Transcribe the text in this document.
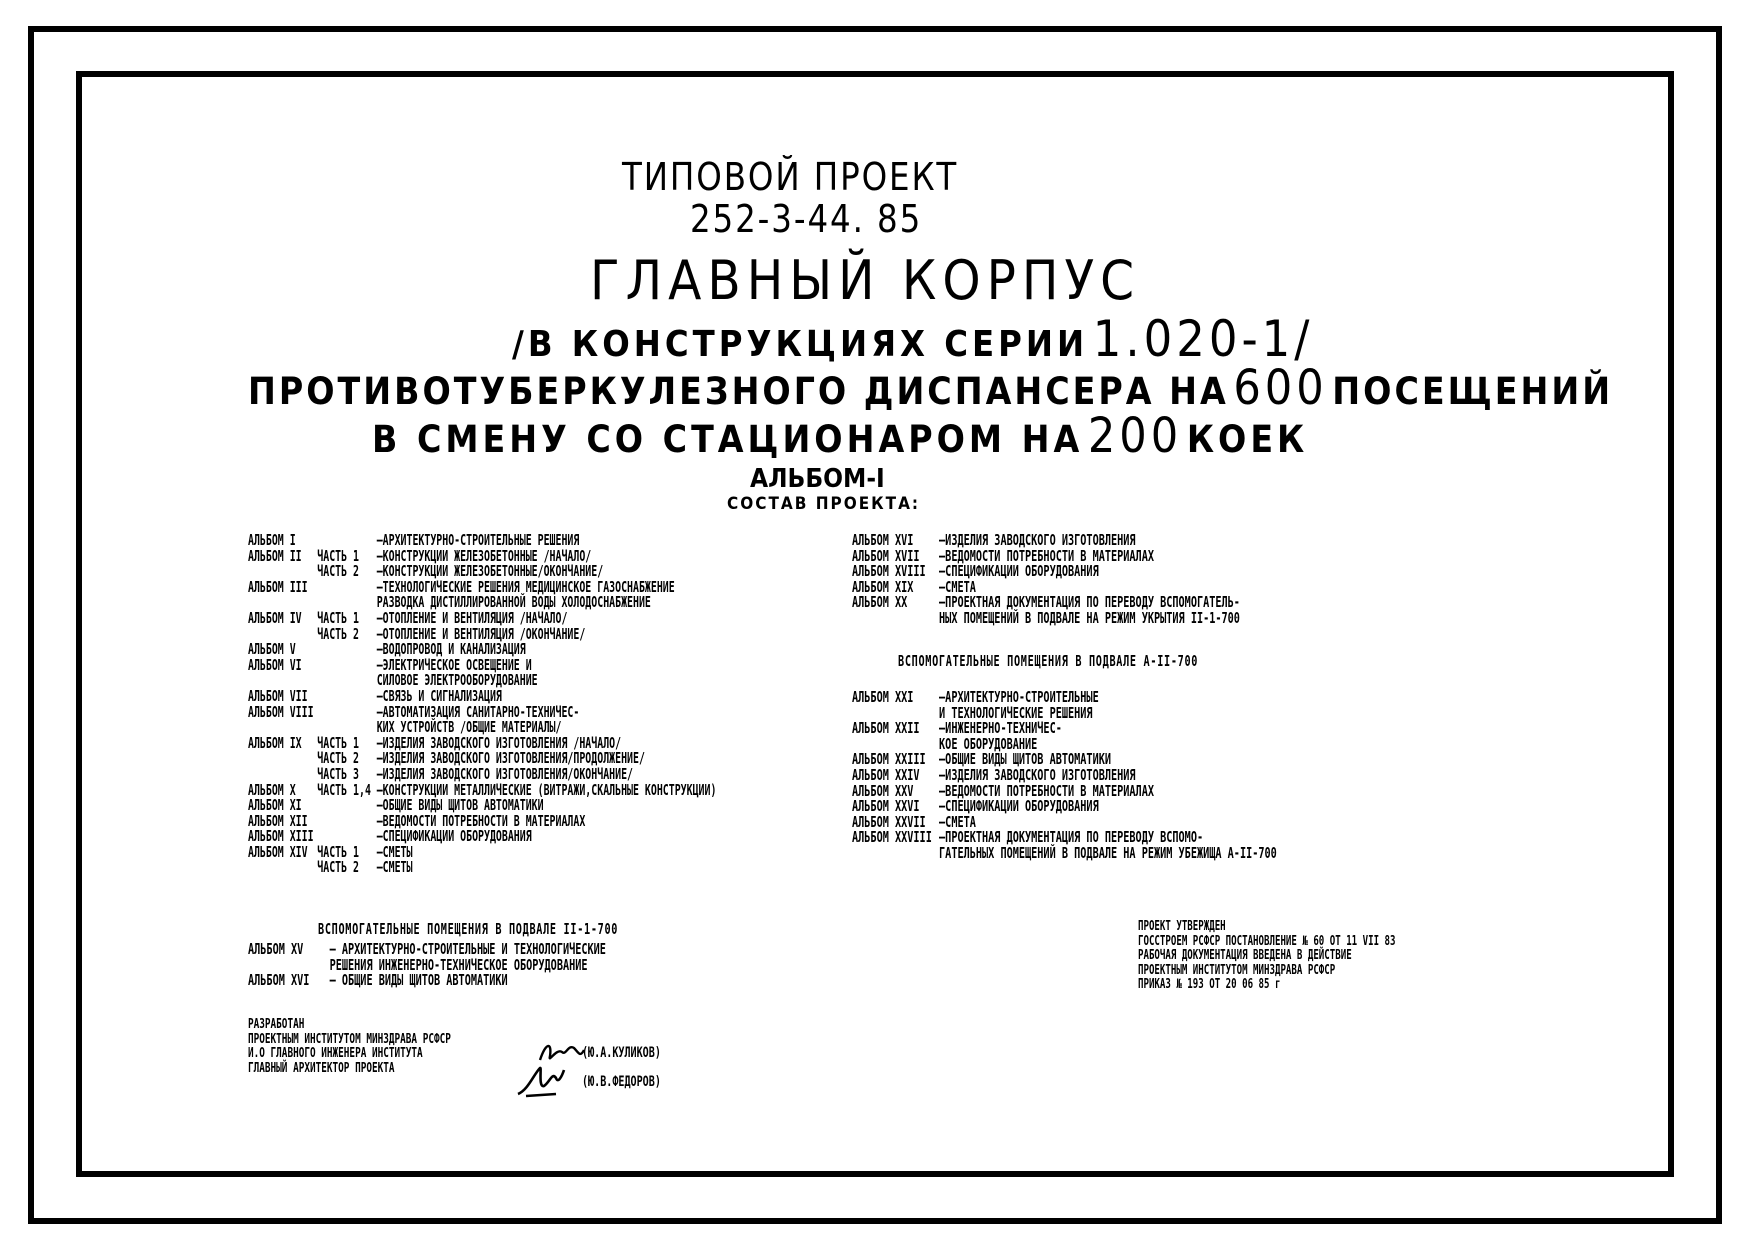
ТИПОВОЙ ПРОЕКТ
252-3-44. 85
ГЛАВНЫЙ КОРПУС
/В КОНСТРУКЦИЯХ СЕРИИ 1.020-1/
ПРОТИВОТУБЕРКУЛЕЗНОГО ДИСПАНСЕРА НА 600 ПОСЕЩЕНИЙ
В СМЕНУ СО СТАЦИОНАРОМ НА 200 КОЕК
АЛЬБОМ-I
СОСТАВ ПРОЕКТА:
АЛЬБОМ I	—АРХИТЕКТУРНО-СТРОИТЕЛЬНЫЕ РЕШЕНИЯ
АЛЬБОМ II	ЧАСТЬ 1	—КОНСТРУКЦИИ ЖЕЛЕЗОБЕТОННЫЕ /НАЧАЛО/
ЧАСТЬ 2	—КОНСТРУКЦИИ ЖЕЛЕЗОБЕТОННЫЕ/ОКОНЧАНИЕ/
АЛЬБОМ III	—ТЕХНОЛОГИЧЕСКИЕ РЕШЕНИЯ МЕДИЦИНСКОЕ ГАЗОСНАБЖЕНИЕ
РАЗВОДКА ДИСТИЛЛИРОВАННОЙ ВОДЫ ХОЛОДОСНАБЖЕНИЕ
АЛЬБОМ IV	ЧАСТЬ 1	—ОТОПЛЕНИЕ И ВЕНТИЛЯЦИЯ /НАЧАЛО/
ЧАСТЬ 2	—ОТОПЛЕНИЕ И ВЕНТИЛЯЦИЯ /ОКОНЧАНИЕ/
АЛЬБОМ V	—ВОДОПРОВОД И КАНАЛИЗАЦИЯ
АЛЬБОМ VI	—ЭЛЕКТРИЧЕСКОЕ ОСВЕЩЕНИЕ И
СИЛОВОЕ ЭЛЕКТРООБОРУДОВАНИЕ
АЛЬБОМ VII	—СВЯЗЬ И СИГНАЛИЗАЦИЯ
АЛЬБОМ VIII	—АВТОМАТИЗАЦИЯ САНИТАРНО-ТЕХНИЧЕС-
КИХ УСТРОЙСТВ /ОБЩИЕ МАТЕРИАЛЫ/
АЛЬБОМ IX	ЧАСТЬ 1	—ИЗДЕЛИЯ ЗАВОДСКОГО ИЗГОТОВЛЕНИЯ /НАЧАЛО/
ЧАСТЬ 2	—ИЗДЕЛИЯ ЗАВОДСКОГО ИЗГОТОВЛЕНИЯ/ПРОДОЛЖЕНИЕ/
ЧАСТЬ 3	—ИЗДЕЛИЯ ЗАВОДСКОГО ИЗГОТОВЛЕНИЯ/ОКОНЧАНИЕ/
АЛЬБОМ X	ЧАСТЬ 1,4 —КОНСТРУКЦИИ МЕТАЛЛИЧЕСКИЕ (ВИТРАЖИ,СКАЛЬНЫЕ КОНСТРУКЦИИ)
АЛЬБОМ XI	—ОБЩИЕ ВИДЫ ЩИТОВ АВТОМАТИКИ
АЛЬБОМ XII	—ВЕДОМОСТИ ПОТРЕБНОСТИ В МАТЕРИАЛАХ
АЛЬБОМ XIII	—СПЕЦИФИКАЦИИ ОБОРУДОВАНИЯ
АЛЬБОМ XIV ЧАСТЬ 1	—СМЕТЫ
ЧАСТЬ 2	—СМЕТЫ
ВСПОМОГАТЕЛЬНЫЕ ПОМЕЩЕНИЯ В ПОДВАЛЕ II-1-700
АЛЬБОМ XV	— АРХИТЕКТУРНО-СТРОИТЕЛЬНЫЕ И ТЕХНОЛОГИЧЕСКИЕ
РЕШЕНИЯ ИНЖЕНЕРНО-ТЕХНИЧЕСКОЕ ОБОРУДОВАНИЕ
АЛЬБОМ XVI	— ОБЩИЕ ВИДЫ ЩИТОВ АВТОМАТИКИ
АЛЬБОМ XVI	—ИЗДЕЛИЯ ЗАВОДСКОГО ИЗГОТОВЛЕНИЯ
АЛЬБОМ XVII	—ВЕДОМОСТИ ПОТРЕБНОСТИ В МАТЕРИАЛАХ
АЛЬБОМ XVIII —СПЕЦИФИКАЦИИ ОБОРУДОВАНИЯ
АЛЬБОМ XIX	—СМЕТА
АЛЬБОМ XX	—ПРОЕКТНАЯ ДОКУМЕНТАЦИЯ ПО ПЕРЕВОДУ ВСПОМОГАТЕЛЬ-
НЫХ ПОМЕЩЕНИЙ В ПОДВАЛЕ НА РЕЖИМ УКРЫТИЯ II-1-700
ВСПОМОГАТЕЛЬНЫЕ ПОМЕЩЕНИЯ В ПОДВАЛЕ А-II-700
АЛЬБОМ XXI	—АРХИТЕКТУРНО-СТРОИТЕЛЬНЫЕ
И ТЕХНОЛОГИЧЕСКИЕ РЕШЕНИЯ
АЛЬБОМ XXII	—ИНЖЕНЕРНО-ТЕХНИЧЕС-
КОЕ ОБОРУДОВАНИЕ
АЛЬБОМ XXIII —ОБЩИЕ ВИДЫ ЩИТОВ АВТОМАТИКИ
АЛЬБОМ XXIV	—ИЗДЕЛИЯ ЗАВОДСКОГО ИЗГОТОВЛЕНИЯ
АЛЬБОМ XXV	—ВЕДОМОСТИ ПОТРЕБНОСТИ В МАТЕРИАЛАХ
АЛЬБОМ XXVI	—СПЕЦИФИКАЦИИ ОБОРУДОВАНИЯ
АЛЬБОМ XXVII —СМЕТА
АЛЬБОМ XXVIII —ПРОЕКТНАЯ ДОКУМЕНТАЦИЯ ПО ПЕРЕВОДУ ВСПОМО-
ГАТЕЛЬНЫХ ПОМЕЩЕНИЙ В ПОДВАЛЕ НА РЕЖИМ УБЕЖИЩА А-II-700
ПРОЕКТ УТВЕРЖДЕН
ГОССТРОЕМ РСФСР ПОСТАНОВЛЕНИЕ № 60 ОТ 11 VII 83
РАБОЧАЯ ДОКУМЕНТАЦИЯ ВВЕДЕНА В ДЕЙСТВИЕ
ПРОЕКТНЫМ ИНСТИТУТОМ МИНЗДРАВА РСФСР
ПРИКАЗ № 193 ОТ 20 06 85 г
РАЗРАБОТАН
ПРОЕКТНЫМ ИНСТИТУТОМ МИНЗДРАВА РСФСР
И.О ГЛАВНОГО ИНЖЕНЕРА ИНСТИТУТА
ГЛАВНЫЙ АРХИТЕКТОР ПРОЕКТА
(Ю.А.КУЛИКОВ)
(Ю.В.ФЕДОРОВ)
